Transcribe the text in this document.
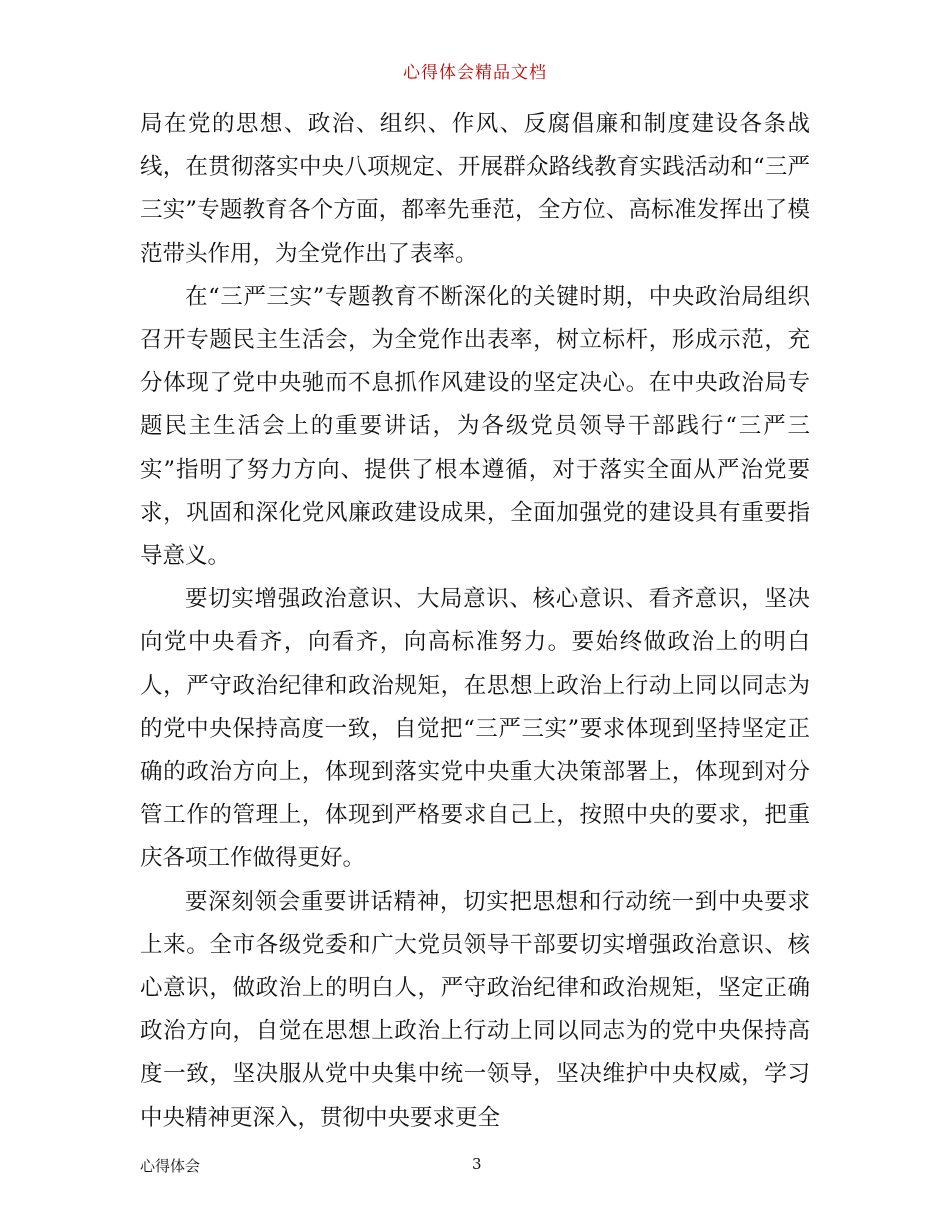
心得体会精品文档

局在党的思想、政治、组织、作风、反腐倡廉和制度建设各条战线，在贯彻落实中央八项规定、开展群众路线教育实践活动和“三严三实”专题教育各个方面，都率先垂范，全方位、高标准发挥出了模范带头作用，为全党作出了表率。

在“三严三实”专题教育不断深化的关键时期，中央政治局组织召开专题民主生活会，为全党作出表率，树立标杆，形成示范，充分体现了党中央驰而不息抓作风建设的坚定决心。在中央政治局专题民主生活会上的重要讲话，为各级党员领导干部践行“三严三实”指明了努力方向、提供了根本遵循，对于落实全面从严治党要求，巩固和深化党风廉政建设成果，全面加强党的建设具有重要指导意义。

要切实增强政治意识、大局意识、核心意识、看齐意识，坚决向党中央看齐，向看齐，向高标准努力。要始终做政治上的明白人，严守政治纪律和政治规矩，在思想上政治上行动上同以同志为的党中央保持高度一致，自觉把“三严三实”要求体现到坚持坚定正确的政治方向上，体现到落实党中央重大决策部署上，体现到对分管工作的管理上，体现到严格要求自己上，按照中央的要求，把重庆各项工作做得更好。

要深刻领会重要讲话精神，切实把思想和行动统一到中央要求上来。全市各级党委和广大党员领导干部要切实增强政治意识、核心意识，做政治上的明白人，严守政治纪律和政治规矩，坚定正确政治方向，自觉在思想上政治上行动上同以同志为的党中央保持高度一致，坚决服从党中央集中统一领导，坚决维护中央权威，学习中央精神更深入，贯彻中央要求更全

心得体会	3
